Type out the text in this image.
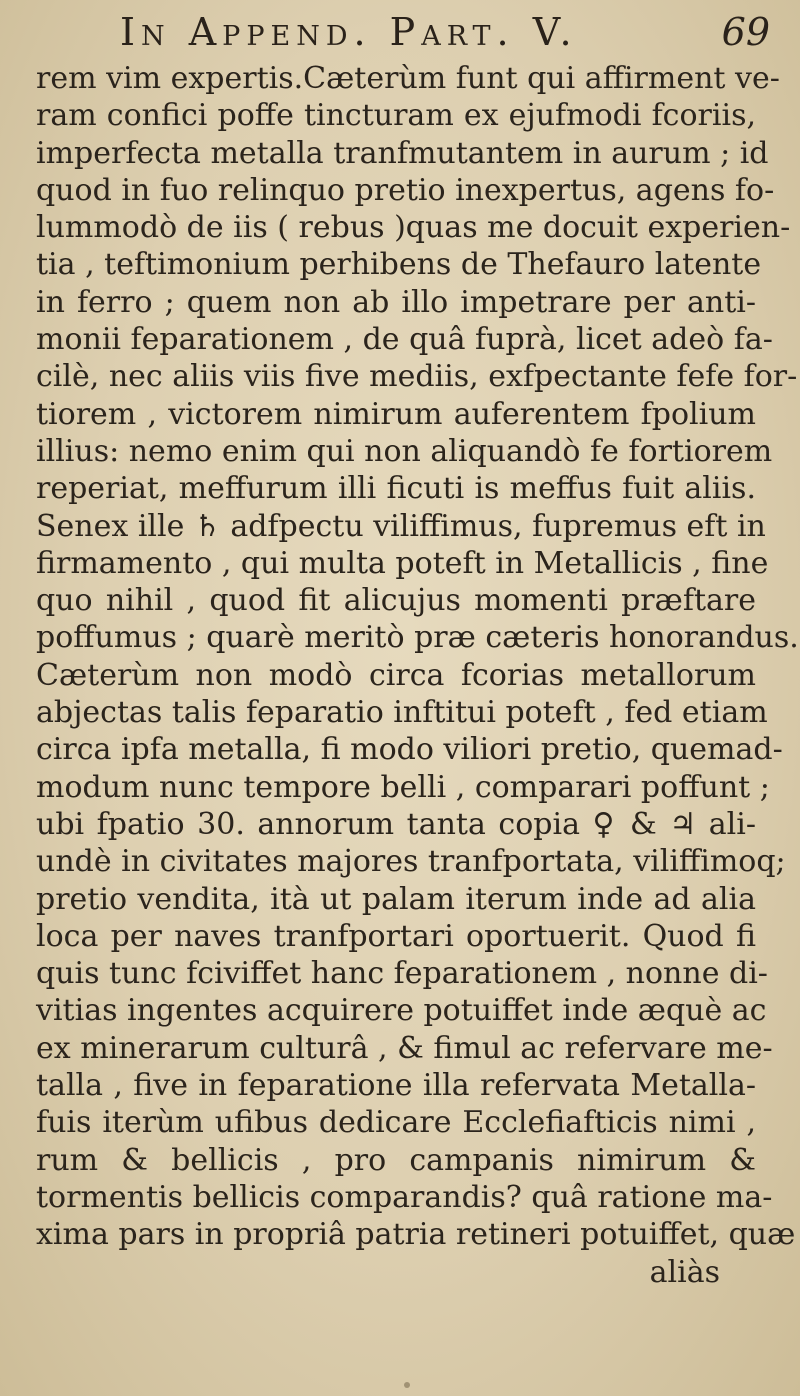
In Append. Part. V.	69
rem vim expertis.Cæterùm funt qui affirment ve-
ram confici poffe tincturam ex ejufmodi fcoriis,
imperfecta metalla tranfmutantem in aurum ; id
quod in fuo relinquo pretio inexpertus, agens fo-
lummodò de iis ( rebus )quas me docuit experien-
tia , teftimonium perhibens de Thefauro latente
in ferro ; quem non ab illo impetrare per anti-
monii feparationem , de quâ fuprà, licet adeò fa-
cilè, nec aliis viis five mediis, exfpectante fefe for-
tiorem , victorem nimirum auferentem fpolium
illius: nemo enim qui non aliquandò fe fortiorem
reperiat, meffurum illi ficuti is meffus fuit aliis.
Senex ille ♄ adfpectu viliffimus, fupremus eft in
firmamento , qui multa poteft in Metallicis , fine
quo nihil , quod fit alicujus momenti præftare
poffumus ; quarè meritò præ cæteris honorandus.
Cæterùm non modò circa fcorias metallorum
abjectas talis feparatio inftitui poteft , fed etiam
circa ipfa metalla, fi modo viliori pretio, quemad-
modum nunc tempore belli , comparari poffunt ;
ubi fpatio 30. annorum tanta copia ♀ & ♃ ali-
undè in civitates majores tranfportata, viliffimoq;
pretio vendita, ità ut palam iterum inde ad alia
loca per naves tranfportari oportuerit. Quod fi
quis tunc fciviffet hanc feparationem , nonne di-
vitias ingentes acquirere potuiffet inde æquè ac
ex minerarum culturâ , & fimul ac refervare me-
talla , five in feparatione illa refervata Metalla-
fuis iterùm ufibus dedicare Ecclefiafticis nimi ,
rum & bellicis , pro campanis nimirum &
tormentis bellicis comparandis? quâ ratione ma-
xima pars in propriâ patria retineri potuiffet, quæ
aliàs
